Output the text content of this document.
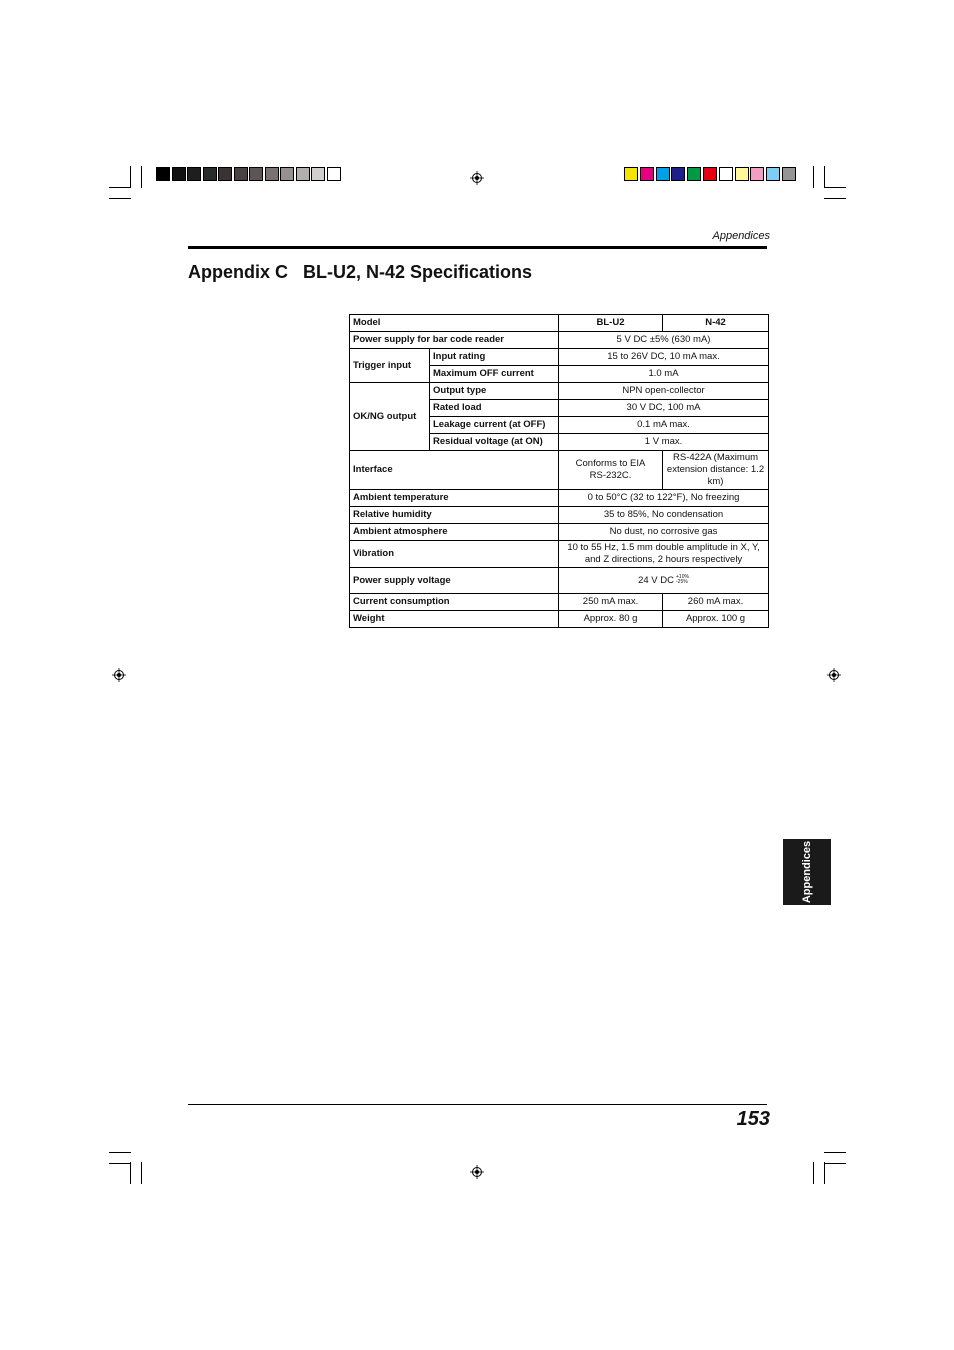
Appendices
Appendix C   BL-U2, N-42 Specifications
Model		BL-U2	N-42
Power supply for bar code reader		5 V DC ±5% (630 mA)	
Trigger input	Input rating	15 to 26V DC, 10 mA max.	
	Maximum OFF current	1.0 mA	
OK/NG output	Output type	NPN open-collector	
	Rated load	30 V DC, 100 mA	
	Leakage current (at OFF)	0.1 mA max.	
	Residual voltage (at ON)	1 V max.	
Interface		Conforms to EIA RS-232C.	RS-422A (Maximum extension distance: 1.2 km)
Ambient temperature		0 to 50°C (32 to 122°F), No freezing	
Relative humidity		35 to 85%, No condensation	
Ambient atmosphere		No dust, no corrosive gas	
Vibration		10 to 55 Hz, 1.5 mm double amplitude in X, Y, and Z directions, 2 hours respectively	
Power supply voltage		24 V DC +10%
-25%	
Current consumption		250 mA max.	260 mA max.
Weight		Approx. 80 g	Approx. 100 g
Appendices
153
